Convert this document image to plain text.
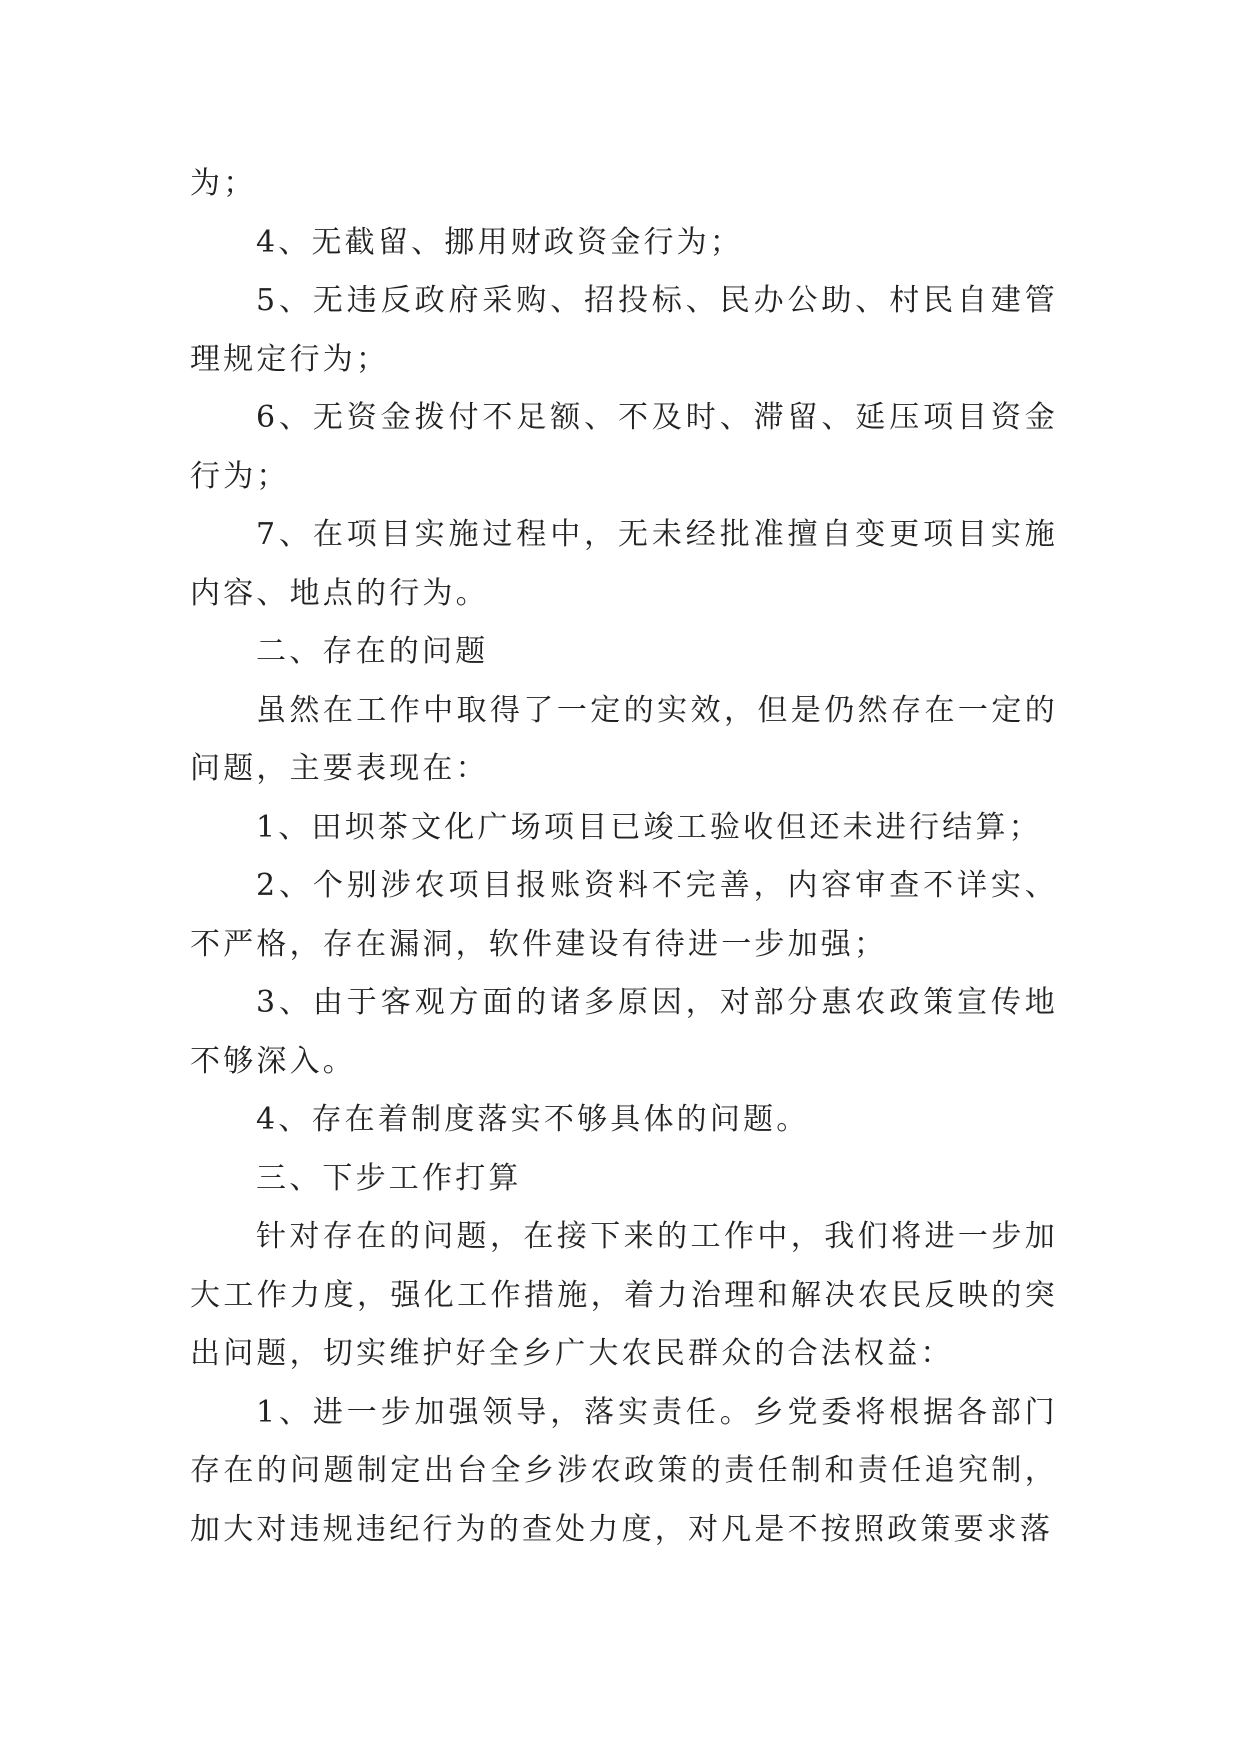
为；

4、无截留、挪用财政资金行为；

5、无违反政府采购、招投标、民办公助、村民自建管理规定行为；

6、无资金拨付不足额、不及时、滞留、延压项目资金行为；

7、在项目实施过程中，无未经批准擅自变更项目实施内容、地点的行为。

二、存在的问题

虽然在工作中取得了一定的实效，但是仍然存在一定的问题，主要表现在：

1、田坝茶文化广场项目已竣工验收但还未进行结算；

2、个别涉农项目报账资料不完善，内容审查不详实、不严格，存在漏洞，软件建设有待进一步加强；

3、由于客观方面的诸多原因，对部分惠农政策宣传地不够深入。

4、存在着制度落实不够具体的问题。

三、下步工作打算

针对存在的问题，在接下来的工作中，我们将进一步加大工作力度，强化工作措施，着力治理和解决农民反映的突出问题，切实维护好全乡广大农民群众的合法权益：

1、进一步加强领导，落实责任。乡党委将根据各部门存在的问题制定出台全乡涉农政策的责任制和责任追究制，加大对违规违纪行为的查处力度，对凡是不按照政策要求落
